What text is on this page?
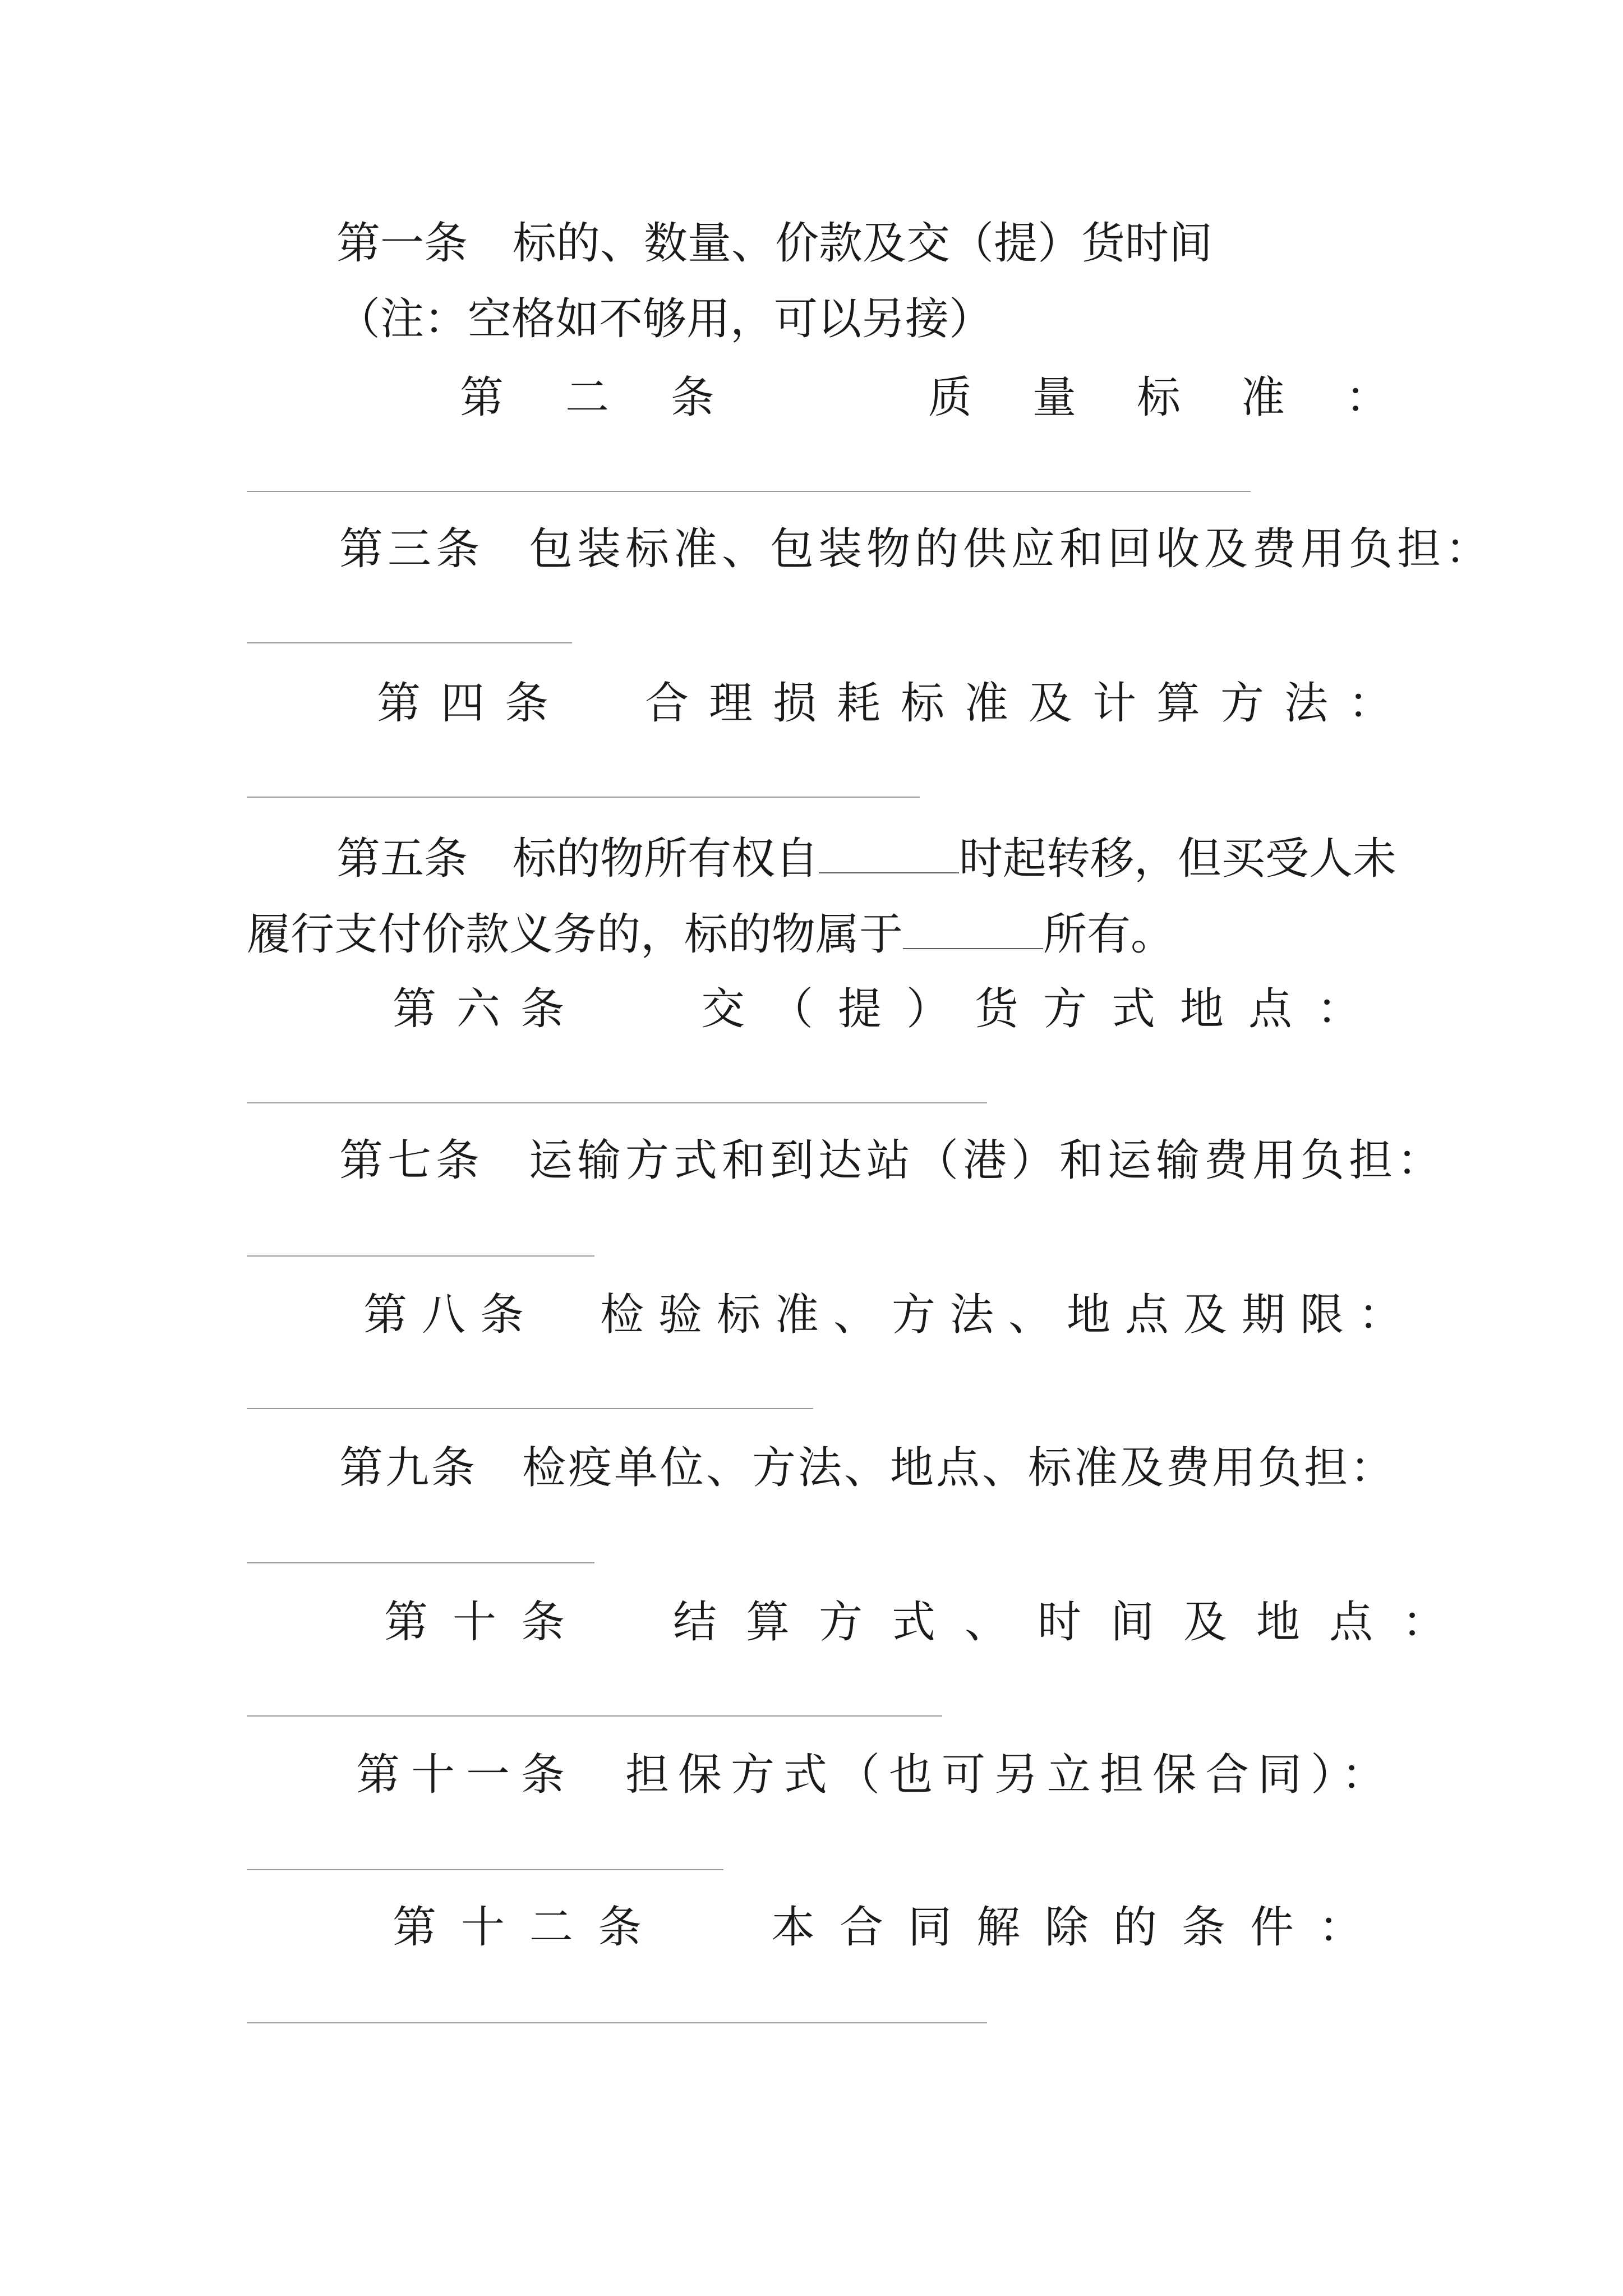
第一条 标的、数量、价款及交（提）货时间
（注：空格如不够用，可以另接）
第二条	质量标准：
第三条 包装标准、包装物的供应和回收及费用负担：
第四条 合理损耗标准及计算方法：
第五条 标的物所有权自	时起转移，但买受人未
履行支付价款义务的，标的物属于	所有。
第六条	交（提）货方式地点：
第七条 运输方式和到达站（港）和运输费用负担：
第八条 检验标准、方法、地点及期限：
第九条 检疫单位、方法、地点、标准及费用负担：
第十条 结算方式、时间及地点：
第十一条 担保方式（也可另立担保合同）：
第十二条 本合同解除的条件：
